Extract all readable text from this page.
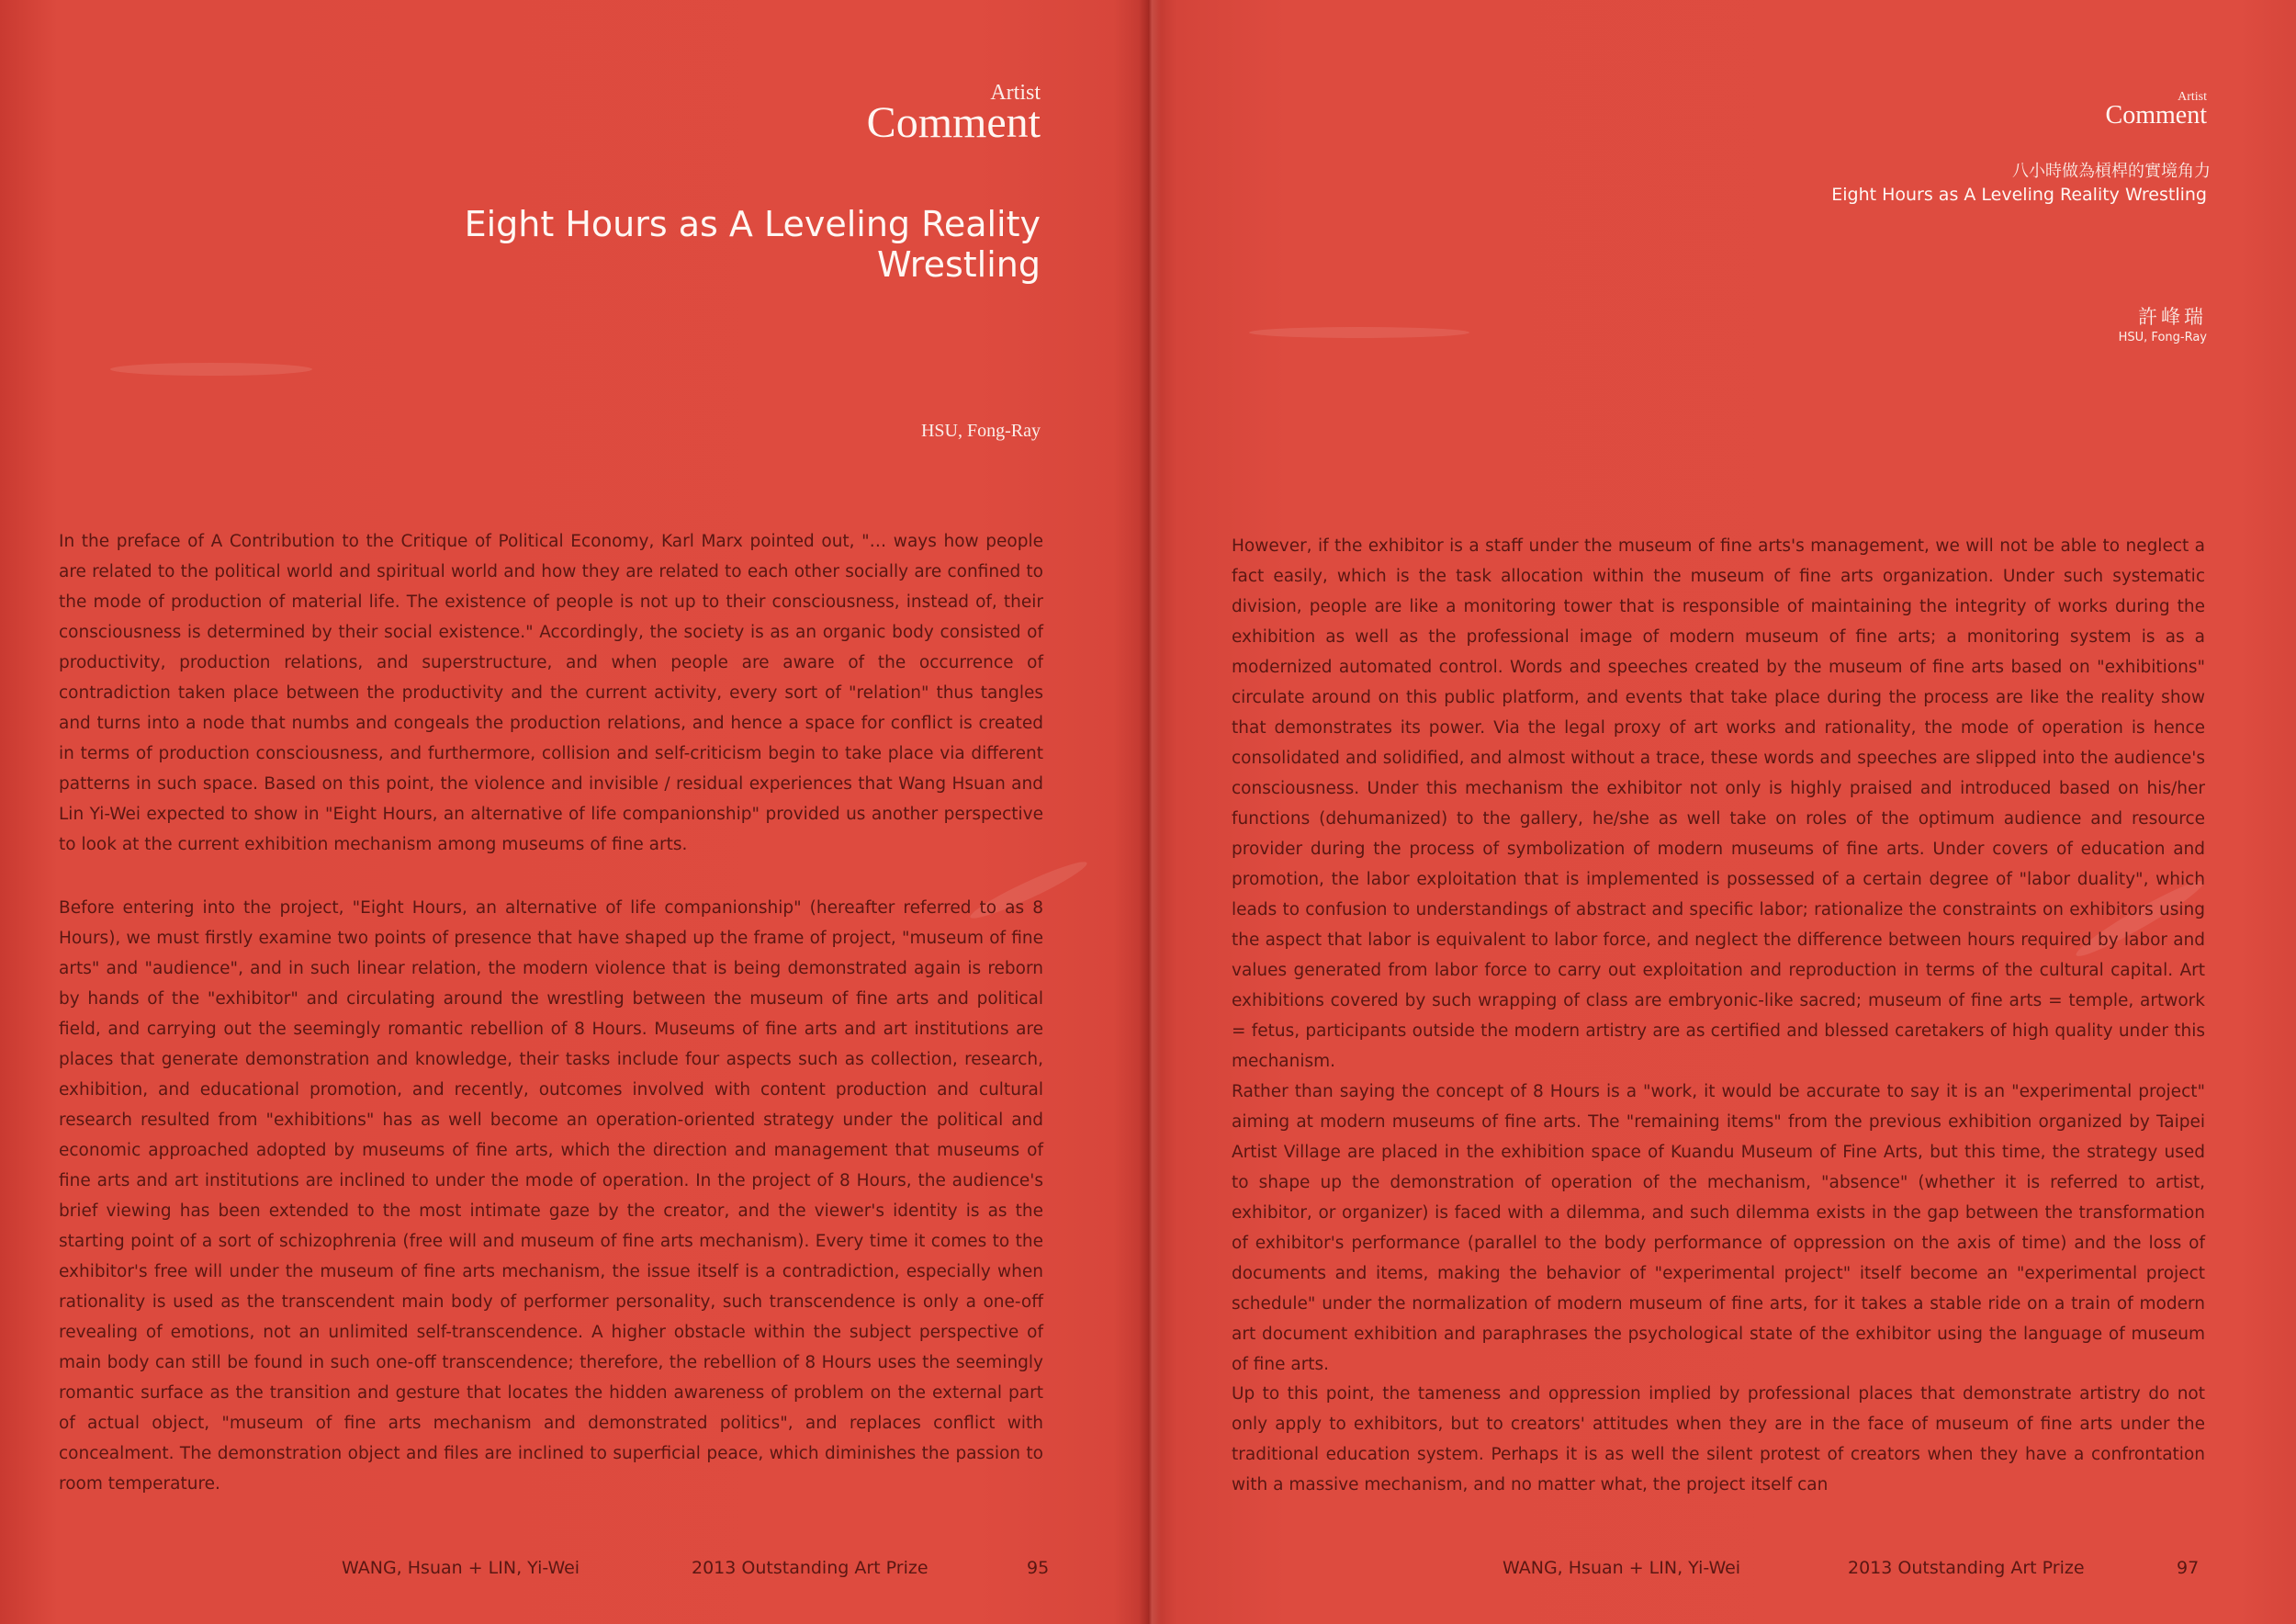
Artist
Comment
Eight Hours as A Leveling Reality Wrestling
HSU, Fong-Ray

In the preface of A Contribution to the Critique of Political Economy, Karl Marx pointed out, "… ways how people are related to the political world and spiritual world and how they are related to each other socially are confined to the mode of production of material life. The existence of people is not up to their consciousness, instead of, their consciousness is determined by their social existence." Accordingly, the society is as an organic body consisted of productivity, production relations, and superstructure, and when people are aware of the occurrence of contradiction taken place between the productivity and the current activity, every sort of "relation" thus tangles and turns into a node that numbs and congeals the production relations, and hence a space for conflict is created in terms of production consciousness, and furthermore, collision and self-criticism begin to take place via different patterns in such space. Based on this point, the violence and invisible / residual experiences that Wang Hsuan and Lin Yi-Wei expected to show in "Eight Hours, an alternative of life companionship" provided us another perspective to look at the current exhibition mechanism among museums of fine arts.

Before entering into the project, "Eight Hours, an alternative of life companionship" (hereafter referred to as 8 Hours), we must firstly examine two points of presence that have shaped up the frame of project, "museum of fine arts" and "audience", and in such linear relation, the modern violence that is being demonstrated again is reborn by hands of the "exhibitor" and circulating around the wrestling between the museum of fine arts and political field, and carrying out the seemingly romantic rebellion of 8 Hours. Museums of fine arts and art institutions are places that generate demonstration and knowledge, their tasks include four aspects such as collection, research, exhibition, and educational promotion, and recently, outcomes involved with content production and cultural research resulted from "exhibitions" has as well become an operation-oriented strategy under the political and economic approached adopted by museums of fine arts, which the direction and management that museums of fine arts and art institutions are inclined to under the mode of operation. In the project of 8 Hours, the audience's brief viewing has been extended to the most intimate gaze by the creator, and the viewer's identity is as the starting point of a sort of schizophrenia (free will and museum of fine arts mechanism). Every time it comes to the exhibitor's free will under the museum of fine arts mechanism, the issue itself is a contradiction, especially when rationality is used as the transcendent main body of performer personality, such transcendence is only a one-off revealing of emotions, not an unlimited self-transcendence. A higher obstacle within the subject perspective of main body can still be found in such one-off transcendence; therefore, the rebellion of 8 Hours uses the seemingly romantic surface as the transition and gesture that locates the hidden awareness of problem on the external part of actual object, "museum of fine arts mechanism and demonstrated politics", and replaces conflict with concealment. The demonstration object and files are inclined to superficial peace, which diminishes the passion to room temperature.

WANG, Hsuan + LIN, Yi-Wei	2013 Outstanding Art Prize	95
Artist
Comment
八小時做為槓桿的實境角力
Eight Hours as A Leveling Reality Wrestling
許峰瑞
HSU, Fong-Ray

However, if the exhibitor is a staff under the museum of fine arts's management, we will not be able to neglect a fact easily, which is the task allocation within the museum of fine arts organization. Under such systematic division, people are like a monitoring tower that is responsible of maintaining the integrity of works during the exhibition as well as the professional image of modern museum of fine arts; a monitoring system is as a modernized automated control. Words and speeches created by the museum of fine arts based on "exhibitions" circulate around on this public platform, and events that take place during the process are like the reality show that demonstrates its power. Via the legal proxy of art works and rationality, the mode of operation is hence consolidated and solidified, and almost without a trace, these words and speeches are slipped into the audience's consciousness. Under this mechanism the exhibitor not only is highly praised and introduced based on his/her functions (dehumanized) to the gallery, he/she as well take on roles of the optimum audience and resource provider during the process of symbolization of modern museums of fine arts. Under covers of education and promotion, the labor exploitation that is implemented is possessed of a certain degree of "labor duality", which leads to confusion to understandings of abstract and specific labor; rationalize the constraints on exhibitors using the aspect that labor is equivalent to labor force, and neglect the difference between hours required by labor and values generated from labor force to carry out exploitation and reproduction in terms of the cultural capital. Art exhibitions covered by such wrapping of class are embryonic-like sacred; museum of fine arts = temple, artwork = fetus, participants outside the modern artistry are as certified and blessed caretakers of high quality under this mechanism.

Rather than saying the concept of 8 Hours is a "work, it would be accurate to say it is an "experimental project" aiming at modern museums of fine arts. The "remaining items" from the previous exhibition organized by Taipei Artist Village are placed in the exhibition space of Kuandu Museum of Fine Arts, but this time, the strategy used to shape up the demonstration of operation of the mechanism, "absence" (whether it is referred to artist, exhibitor, or organizer) is faced with a dilemma, and such dilemma exists in the gap between the transformation of exhibitor's performance (parallel to the body performance of oppression on the axis of time) and the loss of documents and items, making the behavior of "experimental project" itself become an "experimental project schedule" under the normalization of modern museum of fine arts, for it takes a stable ride on a train of modern art document exhibition and paraphrases the psychological state of the exhibitor using the language of museum of fine arts.

Up to this point, the tameness and oppression implied by professional places that demonstrate artistry do not only apply to exhibitors, but to creators' attitudes when they are in the face of museum of fine arts under the traditional education system. Perhaps it is as well the silent protest of creators when they have a confrontation with a massive mechanism, and no matter what, the project itself can

WANG, Hsuan + LIN, Yi-Wei	2013 Outstanding Art Prize	97
